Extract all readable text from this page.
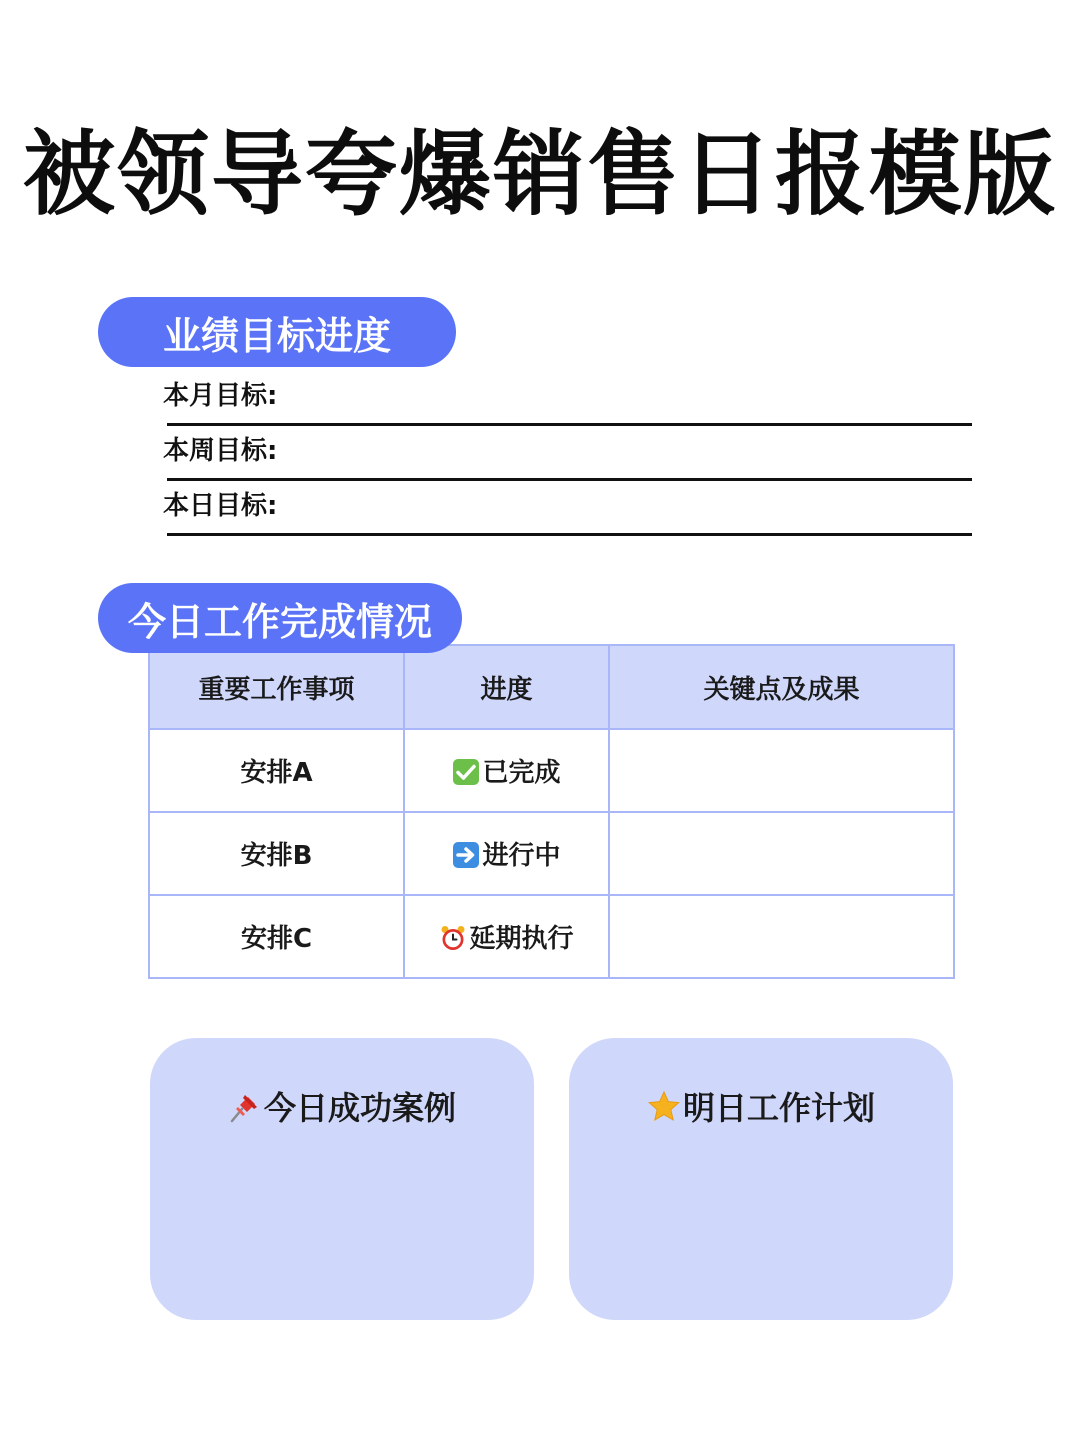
被领导夸爆销售日报模版
业绩目标进度
本月目标:
本周目标:
本日目标:
今日工作完成情况
重要工作事项	进度	关键点及成果
安排A	已完成	
安排B	进行中	
安排C	延期执行	
今日成功案例	明日工作计划
